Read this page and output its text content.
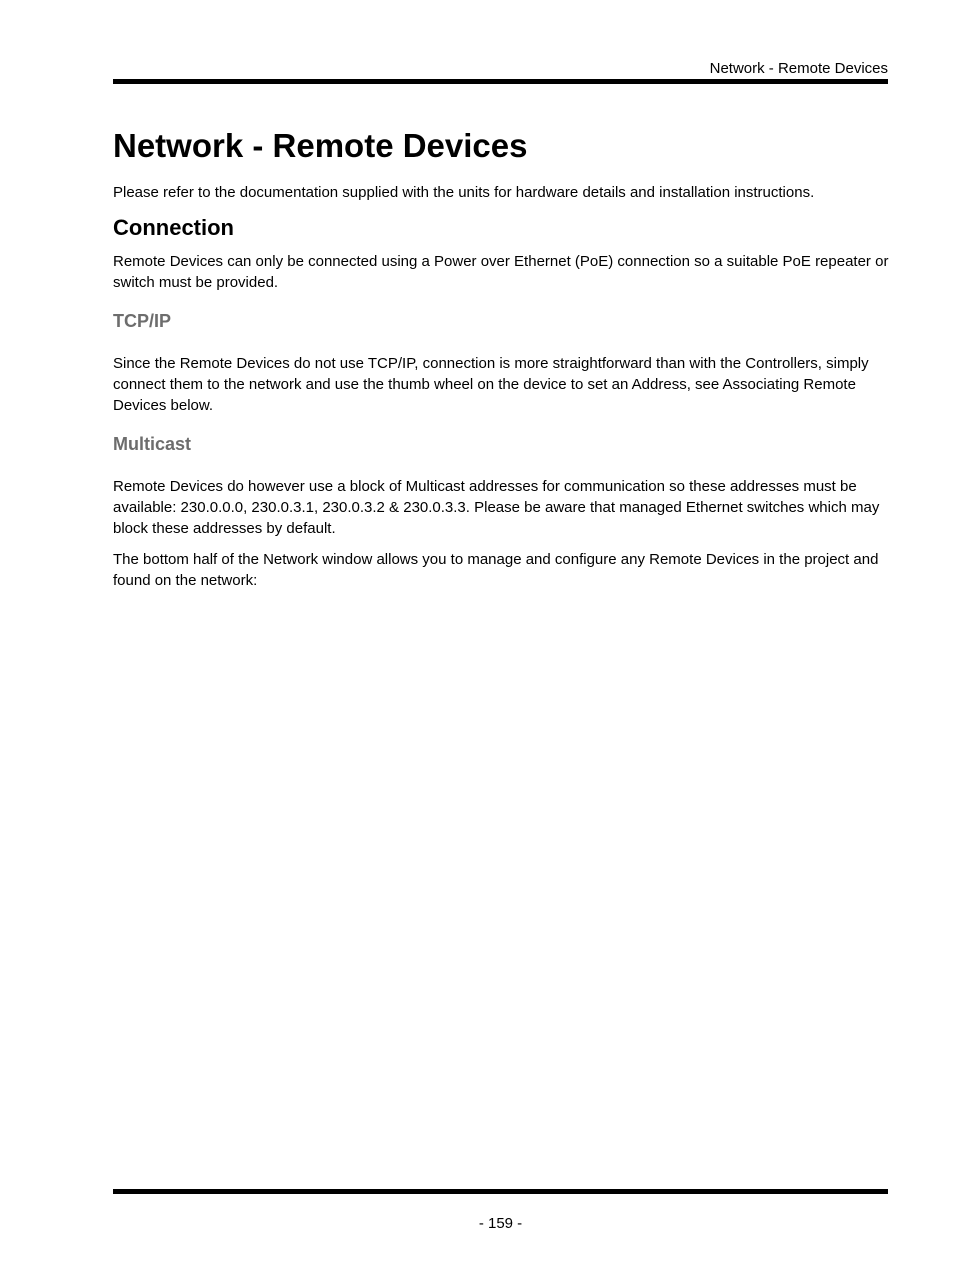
Network - Remote Devices
Network - Remote Devices

Please refer to the documentation supplied with the units for hardware details and installation instructions.

Connection

Remote Devices can only be connected using a Power over Ethernet (PoE) connection so a suitable PoE repeater or switch must be provided.

TCP/IP

Since the Remote Devices do not use TCP/IP, connection is more straightforward than with the Controllers, simply connect them to the network and use the thumb wheel on the device to set an Address, see Associating Remote Devices below.

Multicast

Remote Devices do however use a block of Multicast addresses for communication so these addresses must be available: 230.0.0.0, 230.0.3.1, 230.0.3.2 & 230.0.3.3. Please be aware that managed Ethernet switches which may block these addresses by default.

The bottom half of the Network window allows you to manage and configure any Remote Devices in the project and found on the network:

- 159 -
